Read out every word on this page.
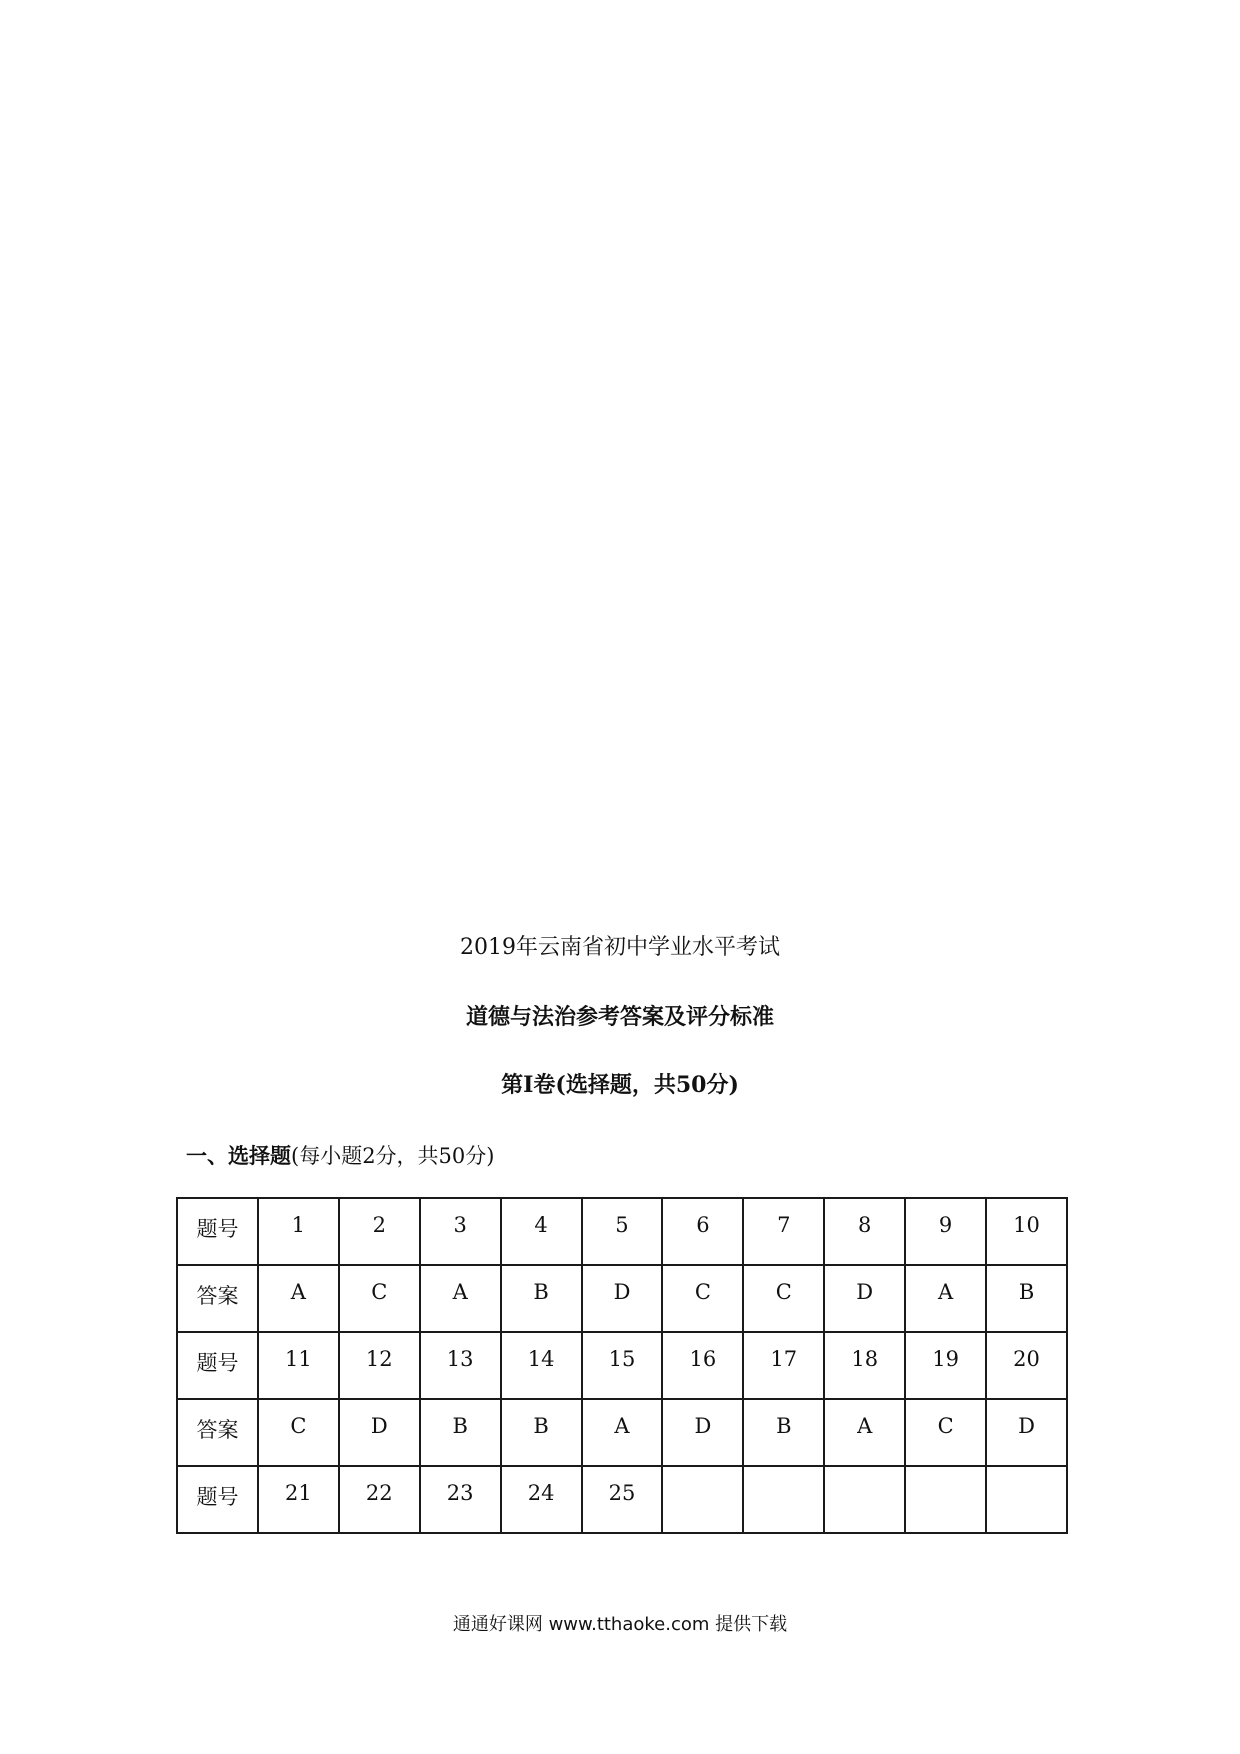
2019年云南省初中学业水平考试
道德与法治参考答案及评分标准
第Ⅰ卷(选择题，共50分)
一、选择题(每小题2分，共50分)
题号	1	2	3	4	5	6	7	8	9	10
答案	A	C	A	B	D	C	C	D	A	B
题号	11	12	13	14	15	16	17	18	19	20
答案	C	D	B	B	A	D	B	A	C	D
题号	21	22	23	24	25					
通通好课网 www.tthaoke.com 提供下载
